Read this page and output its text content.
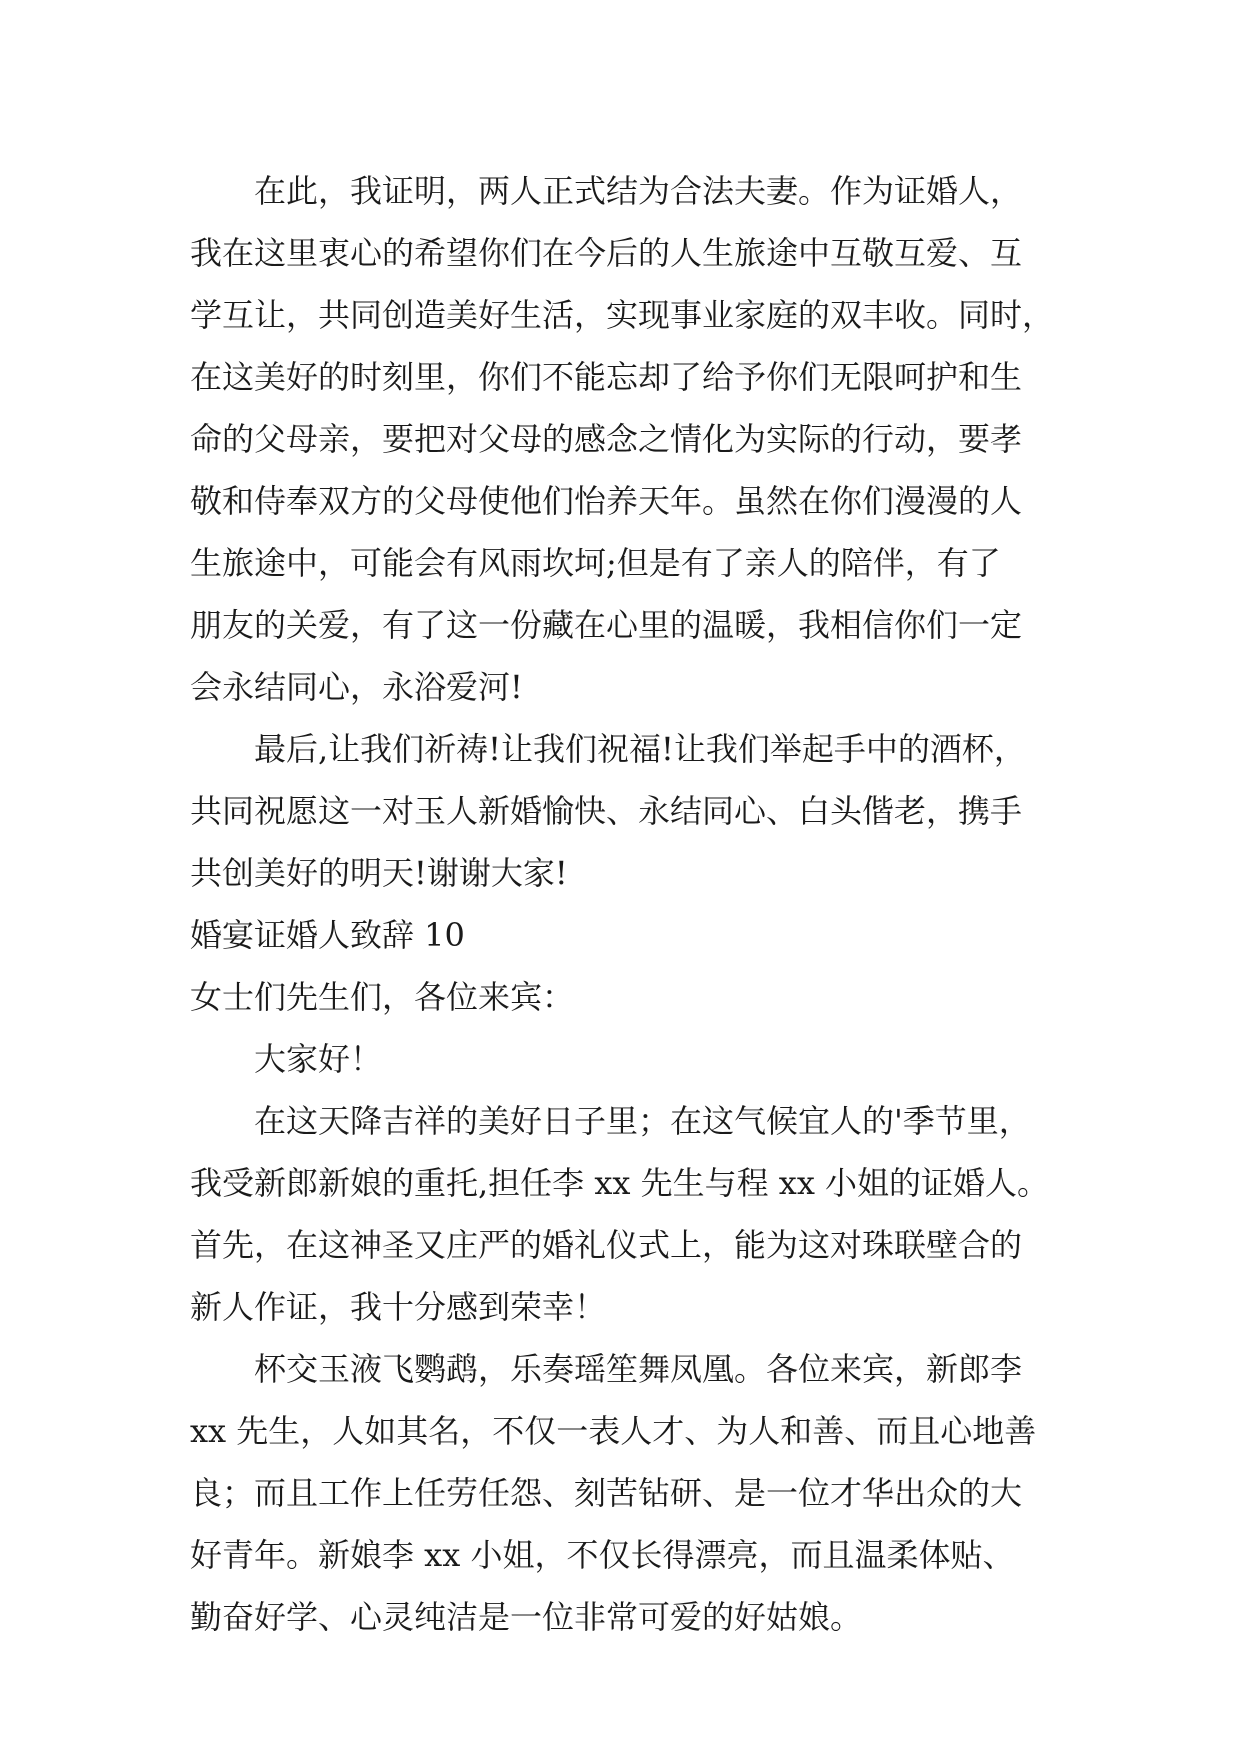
在此，我证明，两人正式结为合法夫妻。作为证婚人，
我在这里衷心的希望你们在今后的人生旅途中互敬互爱、互
学互让，共同创造美好生活，实现事业家庭的双丰收。同时，
在这美好的时刻里，你们不能忘却了给予你们无限呵护和生
命的父母亲，要把对父母的感念之情化为实际的行动，要孝
敬和侍奉双方的父母使他们怡养天年。虽然在你们漫漫的人
生旅途中，可能会有风雨坎坷;但是有了亲人的陪伴，有了
朋友的关爱，有了这一份藏在心里的温暖，我相信你们一定
会永结同心，永浴爱河!

最后,让我们祈祷!让我们祝福!让我们举起手中的酒杯，
共同祝愿这一对玉人新婚愉快、永结同心、白头偕老，携手
共创美好的明天!谢谢大家!

婚宴证婚人致辞 10

女士们先生们，各位来宾：

大家好！

在这天降吉祥的美好日子里；在这气候宜人的'季节里，
我受新郎新娘的重托,担任李 xx 先生与程 xx 小姐的证婚人。
首先，在这神圣又庄严的婚礼仪式上，能为这对珠联壁合的
新人作证，我十分感到荣幸！

杯交玉液飞鹦鹉，乐奏瑶笙舞凤凰。各位来宾，新郎李
xx 先生，人如其名，不仅一表人才、为人和善、而且心地善
良；而且工作上任劳任怨、刻苦钻研、是一位才华出众的大
好青年。新娘李 xx 小姐，不仅长得漂亮，而且温柔体贴、
勤奋好学、心灵纯洁是一位非常可爱的好姑娘。
